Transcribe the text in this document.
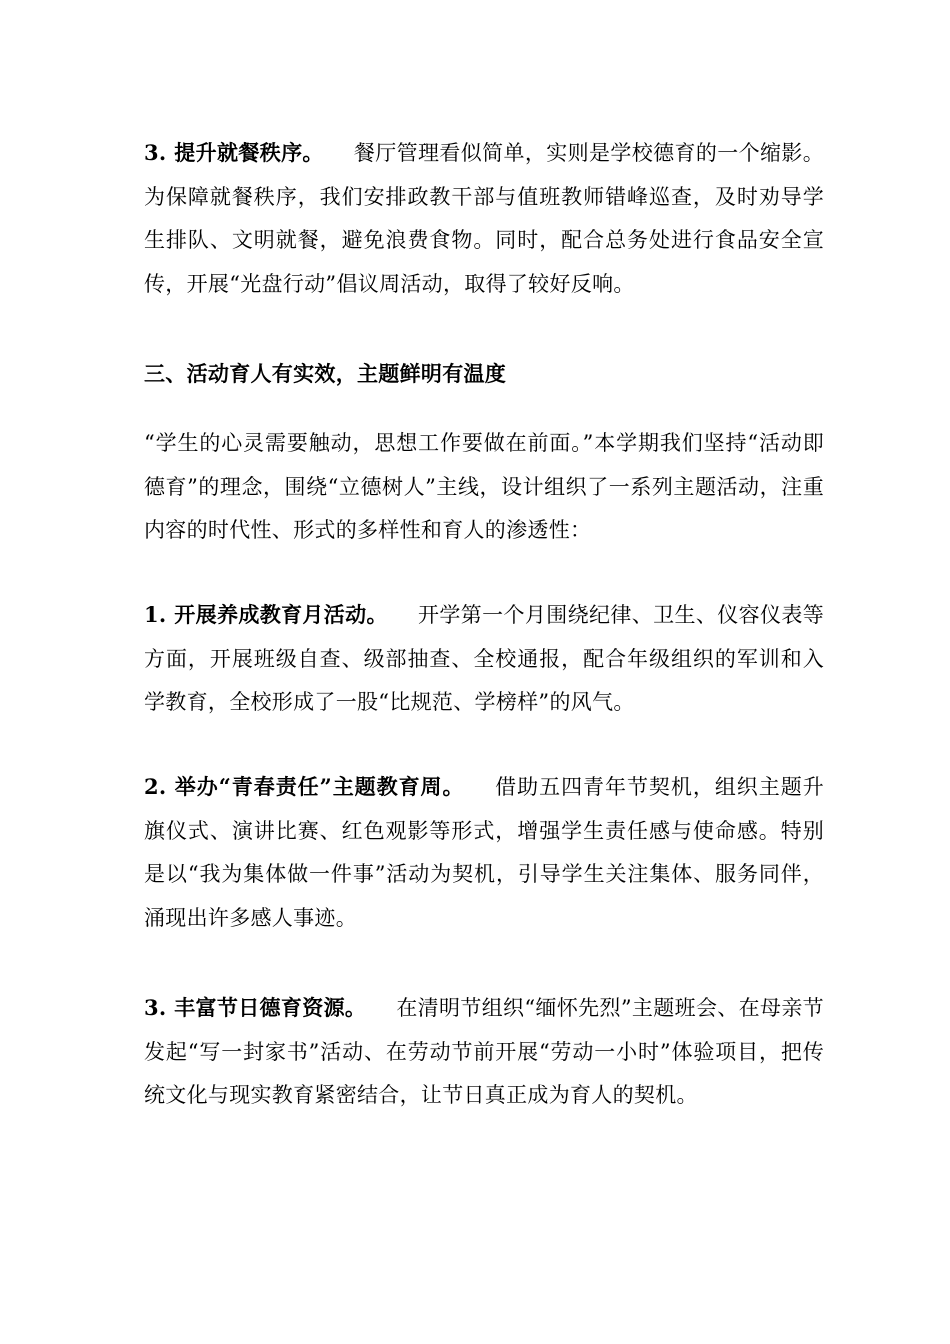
3. 提升就餐秩序。 餐厅管理看似简单，实则是学校德育的一个缩影。为保障就餐秩序，我们安排政教干部与值班教师错峰巡查，及时劝导学生排队、文明就餐，避免浪费食物。同时，配合总务处进行食品安全宣传，开展“光盘行动”倡议周活动，取得了较好反响。

三、活动育人有实效，主题鲜明有温度

“学生的心灵需要触动，思想工作要做在前面。”本学期我们坚持“活动即德育”的理念，围绕“立德树人”主线，设计组织了一系列主题活动，注重内容的时代性、形式的多样性和育人的渗透性：

1. 开展养成教育月活动。 开学第一个月围绕纪律、卫生、仪容仪表等方面，开展班级自查、级部抽查、全校通报，配合年级组织的军训和入学教育，全校形成了一股“比规范、学榜样”的风气。

2. 举办“青春责任”主题教育周。 借助五四青年节契机，组织主题升旗仪式、演讲比赛、红色观影等形式，增强学生责任感与使命感。特别是以“我为集体做一件事”活动为契机，引导学生关注集体、服务同伴，涌现出许多感人事迹。

3. 丰富节日德育资源。 在清明节组织“缅怀先烈”主题班会、在母亲节发起“写一封家书”活动、在劳动节前开展“劳动一小时”体验项目，把传统文化与现实教育紧密结合，让节日真正成为育人的契机。
